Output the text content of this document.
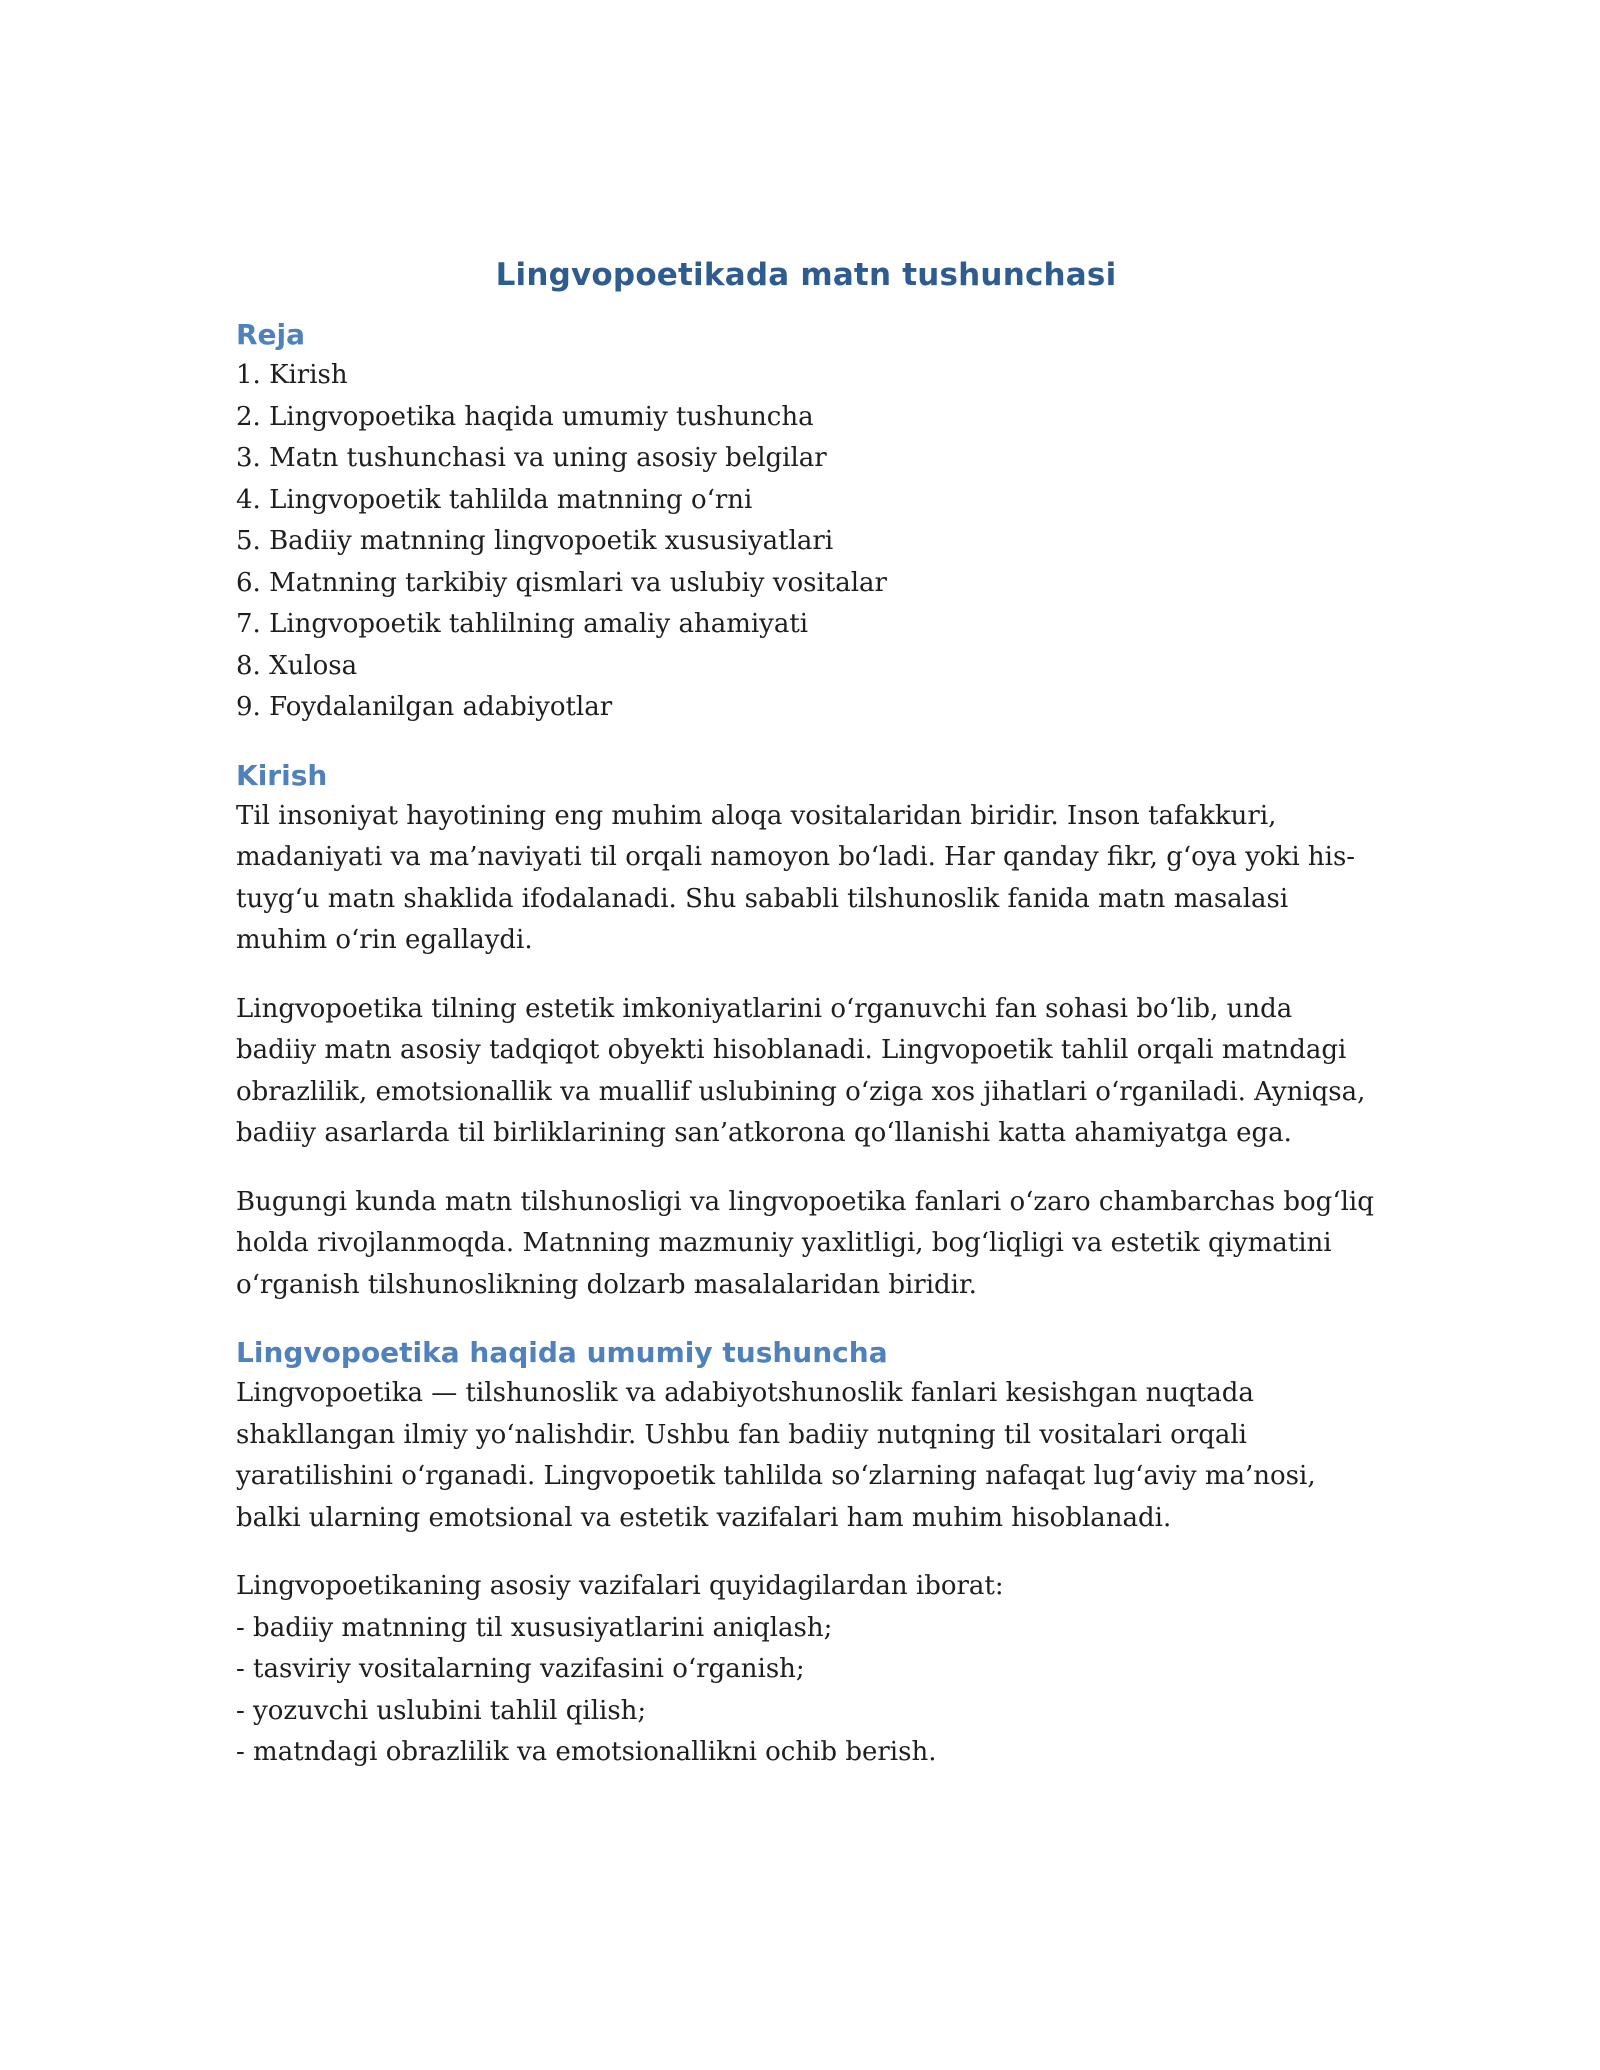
Lingvopoetikada matn tushunchasi
Reja
1. Kirish
2. Lingvopoetika haqida umumiy tushuncha
3. Matn tushunchasi va uning asosiy belgilar
4. Lingvopoetik tahlilda matnning o‘rni
5. Badiiy matnning lingvopoetik xususiyatlari
6. Matnning tarkibiy qismlari va uslubiy vositalar
7. Lingvopoetik tahlilning amaliy ahamiyati
8. Xulosa
9. Foydalanilgan adabiyotlar
Kirish

Til insoniyat hayotining eng muhim aloqa vositalaridan biridir. Inson tafakkuri, madaniyati va ma’naviyati til orqali namoyon bo‘ladi. Har qanday fikr, g‘oya yoki his-tuyg‘u matn shaklida ifodalanadi. Shu sababli tilshunoslik fanida matn masalasi muhim o‘rin egallaydi.

Lingvopoetika tilning estetik imkoniyatlarini o‘rganuvchi fan sohasi bo‘lib, unda badiiy matn asosiy tadqiqot obyekti hisoblanadi. Lingvopoetik tahlil orqali matndagi obrazlilik, emotsionallik va muallif uslubining o‘ziga xos jihatlari o‘rganiladi. Ayniqsa, badiiy asarlarda til birliklarining san’atkorona qo‘llanishi katta ahamiyatga ega.

Bugungi kunda matn tilshunosligi va lingvopoetika fanlari o‘zaro chambarchas bog‘liq holda rivojlanmoqda. Matnning mazmuniy yaxlitligi, bog‘liqligi va estetik qiymatini o‘rganish tilshunoslikning dolzarb masalalaridan biridir.

Lingvopoetika haqida umumiy tushuncha

Lingvopoetika — tilshunoslik va adabiyotshunoslik fanlari kesishgan nuqtada shakllangan ilmiy yo‘nalishdir. Ushbu fan badiiy nutqning til vositalari orqali yaratilishini o‘rganadi. Lingvopoetik tahlilda so‘zlarning nafaqat lug‘aviy ma’nosi, balki ularning emotsional va estetik vazifalari ham muhim hisoblanadi.

Lingvopoetikaning asosiy vazifalari quyidagilardan iborat:
- badiiy matnning til xususiyatlarini aniqlash;
- tasviriy vositalarning vazifasini o‘rganish;
- yozuvchi uslubini tahlil qilish;
- matndagi obrazlilik va emotsionallikni ochib berish.
